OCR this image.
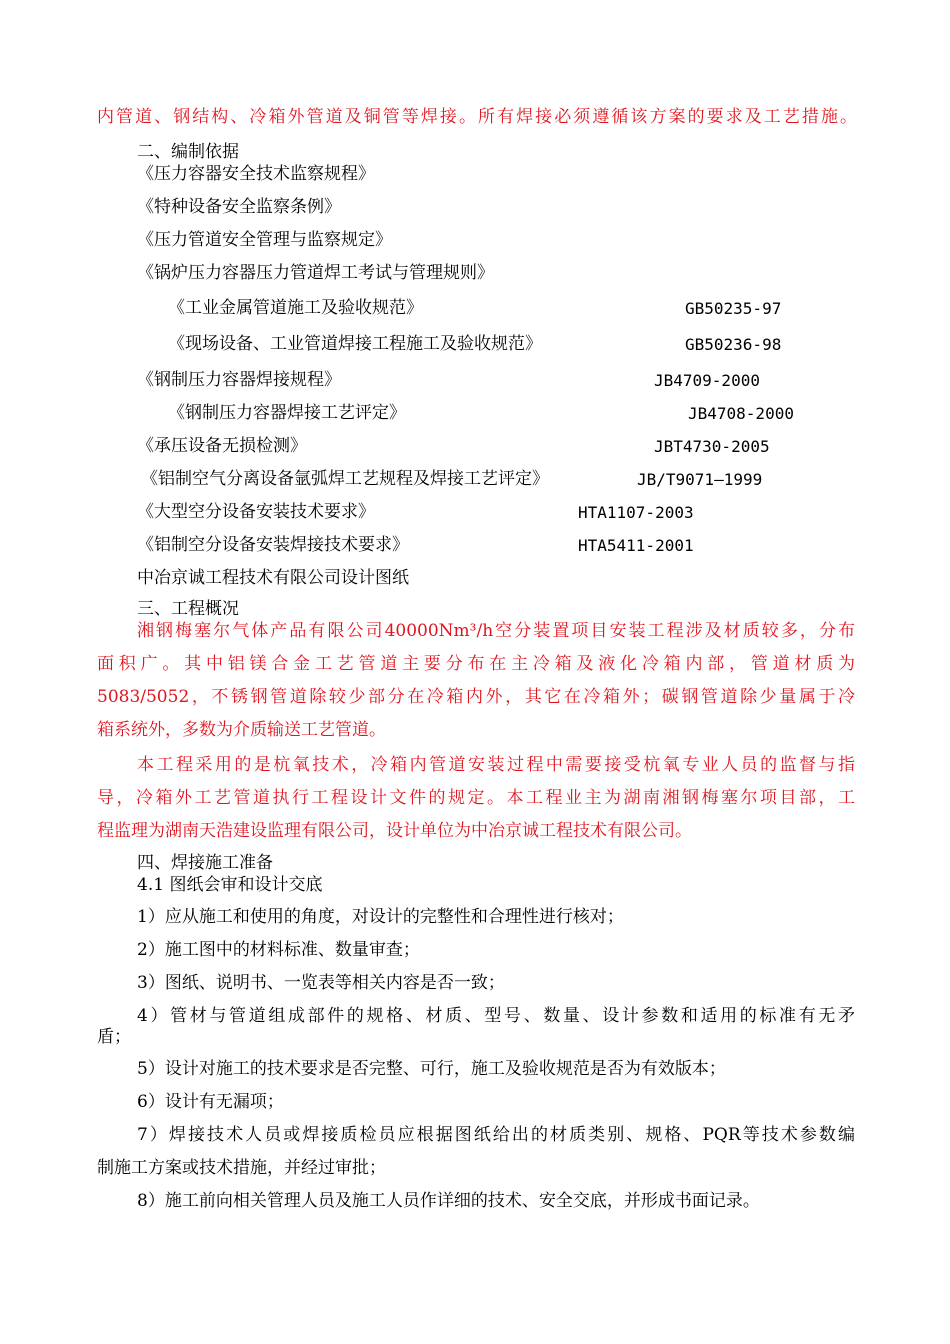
内管道、钢结构、冷箱外管道及铜管等焊接。所有焊接必须遵循该方案的要求及工艺措施。
二、编制依据
《压力容器安全技术监察规程》
《特种设备安全监察条例》
《压力管道安全管理与监察规定》
《锅炉压力容器压力管道焊工考试与管理规则》
《工业金属管道施工及验收规范》	GB50235-97
《现场设备、工业管道焊接工程施工及验收规范》	GB50236-98
《钢制压力容器焊接规程》	JB4709-2000
《钢制压力容器焊接工艺评定》	JB4708-2000
《承压设备无损检测》	JBT4730-2005
《铝制空气分离设备氩弧焊工艺规程及焊接工艺评定》	JB/T9071—1999
《大型空分设备安装技术要求》	HTA1107-2003
《铝制空分设备安装焊接技术要求》	HTA5411-2001
中冶京诚工程技术有限公司设计图纸
三、工程概况
湘钢梅塞尔气体产品有限公司40000Nm³/h空分装置项目安装工程涉及材质较多，分布
面积广。其中铝镁合金工艺管道主要分布在主冷箱及液化冷箱内部，管道材质为
5083/5052，不锈钢管道除较少部分在冷箱内外，其它在冷箱外；碳钢管道除少量属于冷
箱系统外，多数为介质输送工艺管道。
本工程采用的是杭氧技术，冷箱内管道安装过程中需要接受杭氧专业人员的监督与指
导，冷箱外工艺管道执行工程设计文件的规定。本工程业主为湖南湘钢梅塞尔项目部，工
程监理为湖南天浩建设监理有限公司，设计单位为中冶京诚工程技术有限公司。
四、焊接施工准备
4.1 图纸会审和设计交底
1）应从施工和使用的角度，对设计的完整性和合理性进行核对；
2）施工图中的材料标准、数量审查；
3）图纸、说明书、一览表等相关内容是否一致；
4）管材与管道组成部件的规格、材质、型号、数量、设计参数和适用的标准有无矛
盾；
5）设计对施工的技术要求是否完整、可行，施工及验收规范是否为有效版本；
6）设计有无漏项；
7）焊接技术人员或焊接质检员应根据图纸给出的材质类别、规格、PQR等技术参数编
制施工方案或技术措施，并经过审批；
8）施工前向相关管理人员及施工人员作详细的技术、安全交底，并形成书面记录。
